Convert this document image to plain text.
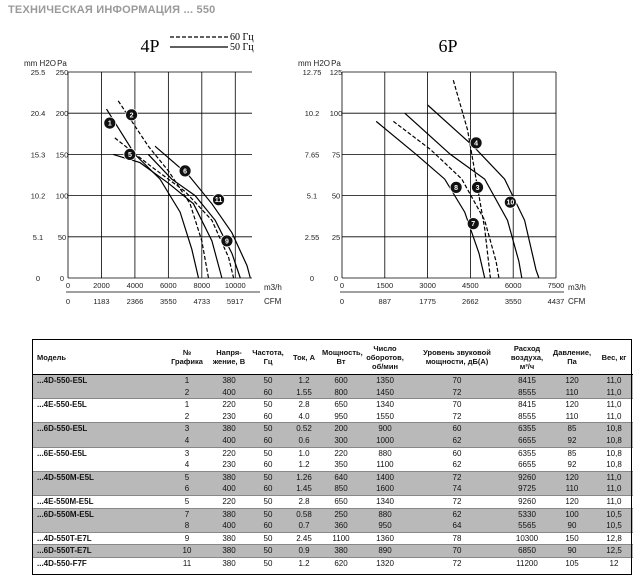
ТЕХНИЧЕСКАЯ ИНФОРМАЦИЯ ... 550
4P	60 Гц
50 Гц
mm H2O Pa
m3/h
CFM
0
0
2000
1183
4000
2366
6000
3550
8000
4733
10000
5917
25.5 250
20.4 200
15.3 150
10.2 100
5.1 50
0	0
1
2
5
6
11
9
6P
mm H2O Pa
m3/h
CFM
0
0
1500
887
3000
1775
4500
2662
6000
3550
7500
4437
12.75 125
10.2 100
7.65 75
5.1 50
2.55 25
0	0
4
8 3
10
7
Модель	№ Графика	Напря-жение, В	Частота, Гц	Ток, А	Мощность, Вт	Число оборотов, об/мин	Уровень звуковой мощности, дБ(А)	Расход воздуха, м³/ч	Давление, Па	Вес, кг
...4D-550-E5L	1	380	50	1.2	600	1350	70	8415	120	11,0
	2	400	60	1.55	800	1450	72	8555	110	11,0
...4E-550-E5L	1	220	50	2.8	650	1340	70	8415	120	11,0
	2	230	60	4.0	950	1550	72	8555	110	11,0
...6D-550-E5L	3	380	50	0.52	200	900	60	6355	85	10,8
	4	400	60	0.6	300	1000	62	6655	92	10,8
...6E-550-E5L	3	220	50	1.0	220	880	60	6355	85	10,8
	4	230	60	1.2	350	1100	62	6655	92	10,8
...4D-550M-E5L	5	380	50	1.26	640	1400	72	9260	120	11,0
	6	400	60	1.45	850	1600	74	9725	110	11,0
...4E-550M-E5L	5	220	50	2.8	650	1340	72	9260	120	11,0
...6D-550M-E5L	7	380	50	0.58	250	880	62	5330	100	10,5
	8	400	60	0.7	360	950	64	5565	90	10,5
...4D-550T-E7L	9	380	50	2.45	1100	1360	78	10300	150	12,8
...6D-550T-E7L	10	380	50	0.9	380	890	70	6850	90	12,5
...4D-550-F7F	11	380	50	1.2	620	1320	72	11200	105	12
